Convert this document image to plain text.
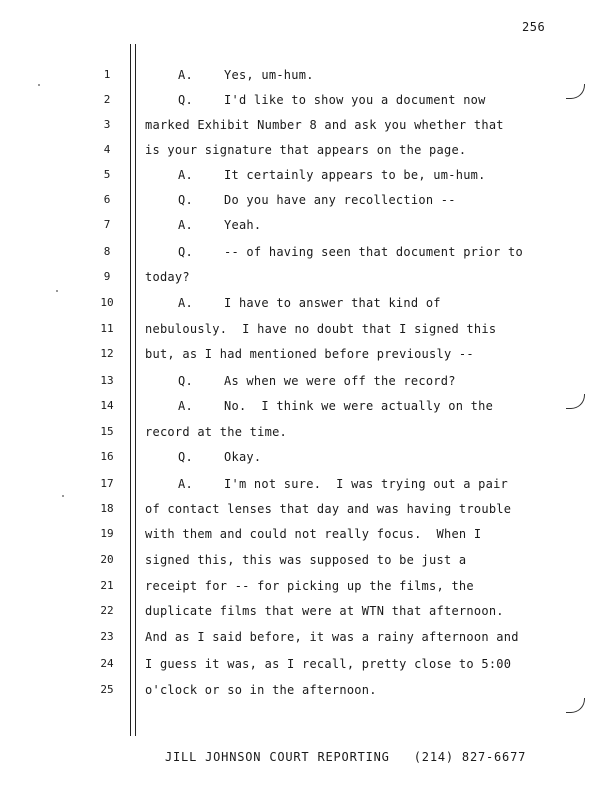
256
1	A.	Yes, um-hum.
2	Q.	I'd like to show you a document now
3	marked Exhibit Number 8 and ask you whether that
4	is your signature that appears on the page.
5	A.	It certainly appears to be, um-hum.
6	Q.	Do you have any recollection --
7	A.	Yeah.
8	Q.	-- of having seen that document prior to
9	today?
10	A.	I have to answer that kind of
11	nebulously.  I have no doubt that I signed this
12	but, as I had mentioned before previously --
13	Q.	As when we were off the record?
14	A.	No.  I think we were actually on the
15	record at the time.
16	Q.	Okay.
17	A.	I'm not sure.  I was trying out a pair
18	of contact lenses that day and was having trouble
19	with them and could not really focus.  When I
20	signed this, this was supposed to be just a
21	receipt for -- for picking up the films, the
22	duplicate films that were at WTN that afternoon.
23	And as I said before, it was a rainy afternoon and
24	I guess it was, as I recall, pretty close to 5:00
25	o'clock or so in the afternoon.
JILL JOHNSON COURT REPORTING (214) 827-6677
